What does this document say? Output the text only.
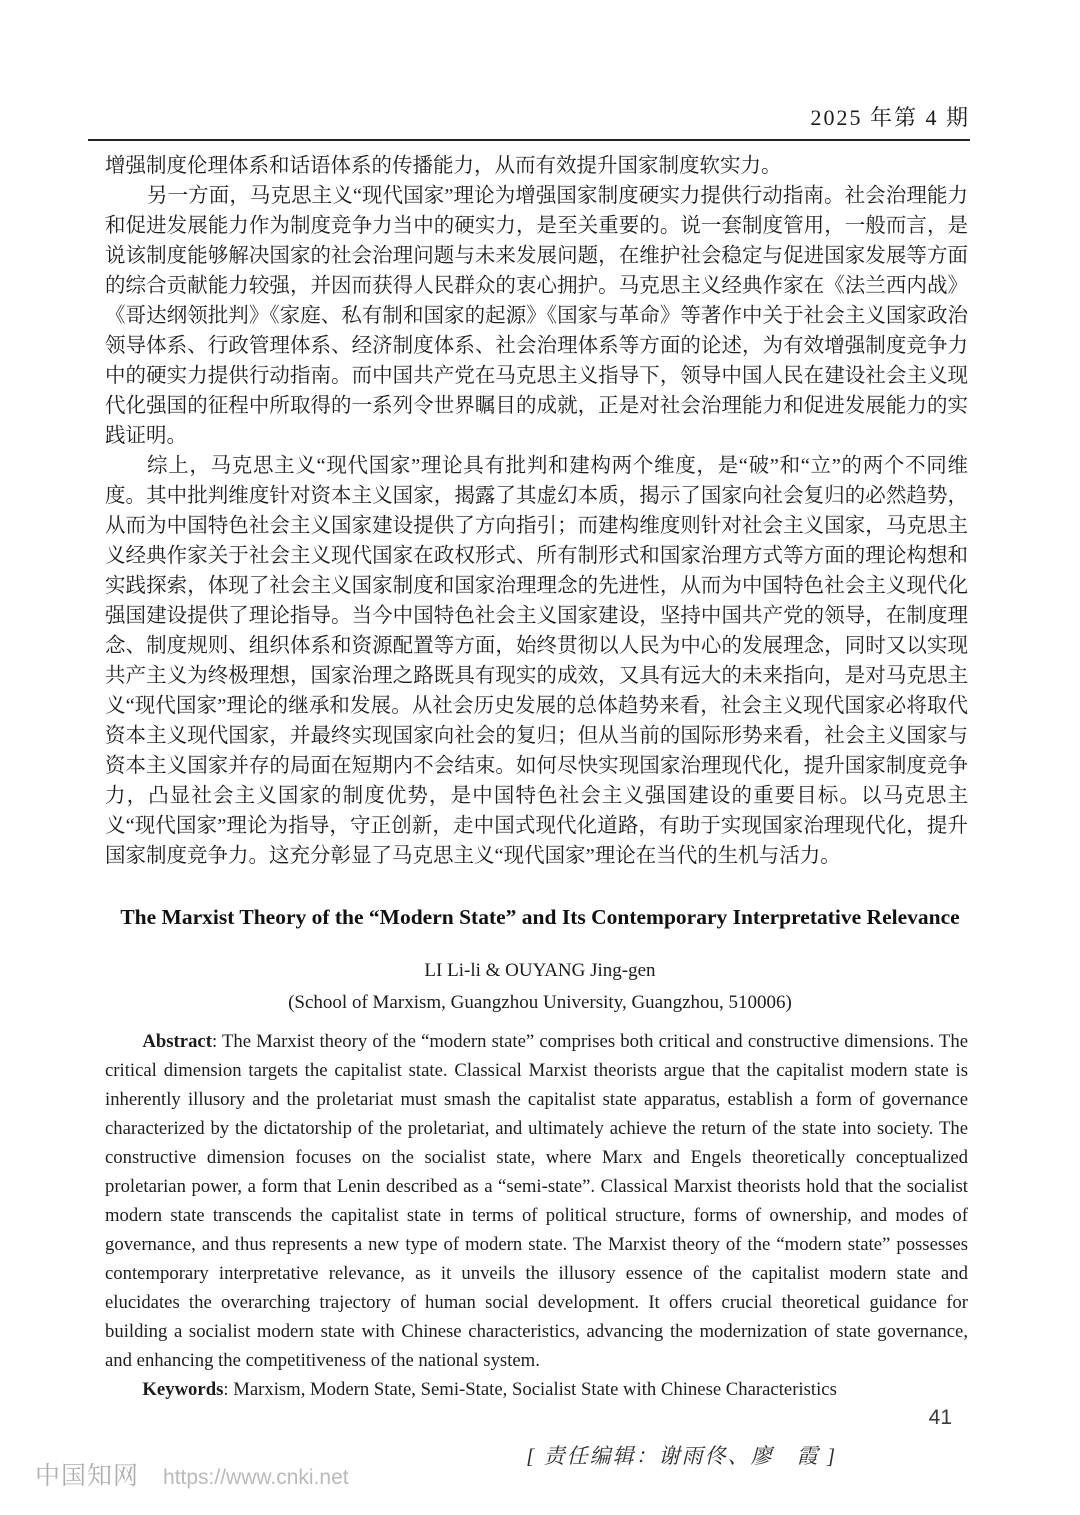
2025 年第 4 期

增强制度伦理体系和话语体系的传播能力，从而有效提升国家制度软实力。

另一方面，马克思主义“现代国家”理论为增强国家制度硬实力提供行动指南。社会治理能力和促进发展能力作为制度竞争力当中的硬实力，是至关重要的。说一套制度管用，一般而言，是说该制度能够解决国家的社会治理问题与未来发展问题，在维护社会稳定与促进国家发展等方面的综合贡献能力较强，并因而获得人民群众的衷心拥护。马克思主义经典作家在《法兰西内战》《哥达纲领批判》《家庭、私有制和国家的起源》《国家与革命》等著作中关于社会主义国家政治领导体系、行政管理体系、经济制度体系、社会治理体系等方面的论述，为有效增强制度竞争力中的硬实力提供行动指南。而中国共产党在马克思主义指导下，领导中国人民在建设社会主义现代化强国的征程中所取得的一系列令世界瞩目的成就，正是对社会治理能力和促进发展能力的实践证明。

综上，马克思主义“现代国家”理论具有批判和建构两个维度，是“破”和“立”的两个不同维度。其中批判维度针对资本主义国家，揭露了其虚幻本质，揭示了国家向社会复归的必然趋势，从而为中国特色社会主义国家建设提供了方向指引；而建构维度则针对社会主义国家，马克思主义经典作家关于社会主义现代国家在政权形式、所有制形式和国家治理方式等方面的理论构想和实践探索，体现了社会主义国家制度和国家治理理念的先进性，从而为中国特色社会主义现代化强国建设提供了理论指导。当今中国特色社会主义国家建设，坚持中国共产党的领导，在制度理念、制度规则、组织体系和资源配置等方面，始终贯彻以人民为中心的发展理念，同时又以实现共产主义为终极理想，国家治理之路既具有现实的成效，又具有远大的未来指向，是对马克思主义“现代国家”理论的继承和发展。从社会历史发展的总体趋势来看，社会主义现代国家必将取代资本主义现代国家，并最终实现国家向社会的复归；但从当前的国际形势来看，社会主义国家与资本主义国家并存的局面在短期内不会结束。如何尽快实现国家治理现代化，提升国家制度竞争力，凸显社会主义国家的制度优势，是中国特色社会主义强国建设的重要目标。以马克思主义“现代国家”理论为指导，守正创新，走中国式现代化道路，有助于实现国家治理现代化，提升国家制度竞争力。这充分彰显了马克思主义“现代国家”理论在当代的生机与活力。

The Marxist Theory of the “Modern State” and Its Contemporary Interpretative Relevance
LI Li-li & OUYANG Jing-gen
(School of Marxism, Guangzhou University, Guangzhou, 510006)

Abstract: The Marxist theory of the “modern state” comprises both critical and constructive dimensions. The critical dimension targets the capitalist state. Classical Marxist theorists argue that the capitalist modern state is inherently illusory and the proletariat must smash the capitalist state apparatus, establish a form of governance characterized by the dictatorship of the proletariat, and ultimately achieve the return of the state into society. The constructive dimension focuses on the socialist state, where Marx and Engels theoretically conceptualized proletarian power, a form that Lenin described as a “semi-state”. Classical Marxist theorists hold that the socialist modern state transcends the capitalist state in terms of political structure, forms of ownership, and modes of governance, and thus represents a new type of modern state. The Marxist theory of the “modern state” possesses contemporary interpretative relevance, as it unveils the illusory essence of the capitalist modern state and elucidates the overarching trajectory of human social development. It offers crucial theoretical guidance for building a socialist modern state with Chinese characteristics, advancing the modernization of state governance, and enhancing the competitiveness of the national system.

Keywords: Marxism, Modern State, Semi-State, Socialist State with Chinese Characteristics

[ 责任编辑：谢雨佟、廖　霞 ]
41
中国知网 https://www.cnki.net
